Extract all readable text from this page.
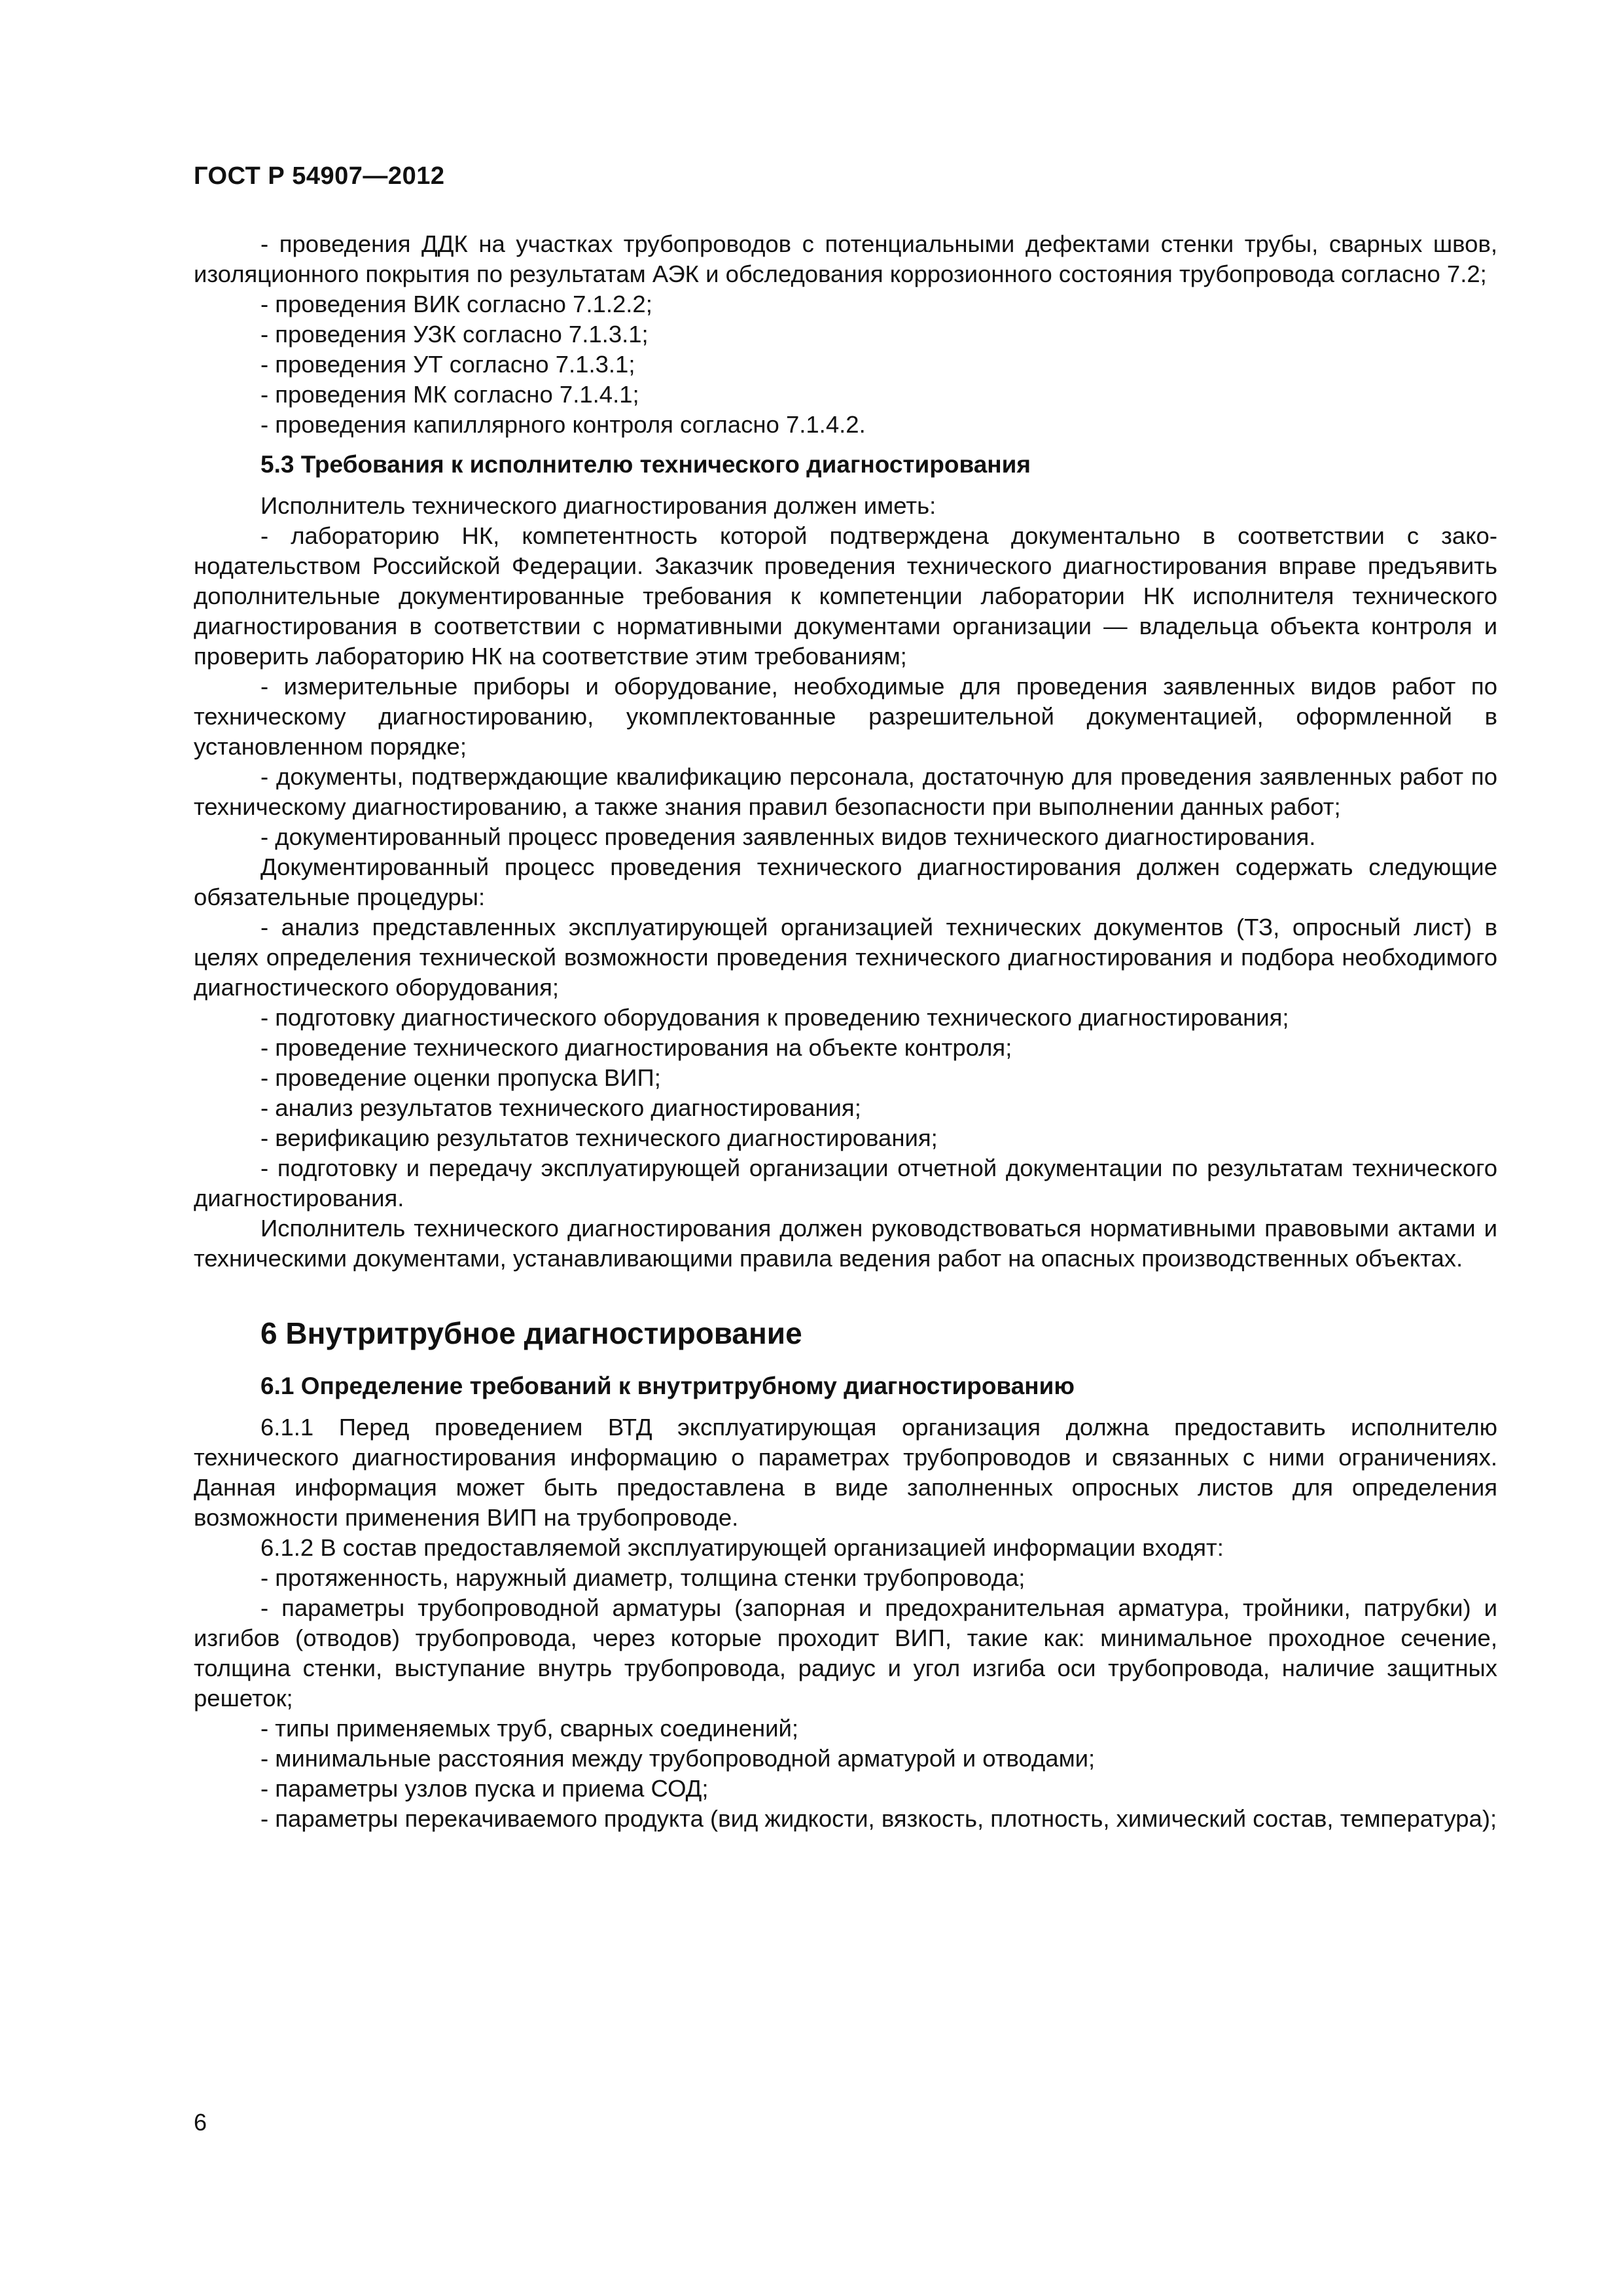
ГОСТ Р 54907—2012

- проведения ДДК на участках трубопроводов с потенциальными дефектами стенки трубы, сварных швов, изоляционного покрытия по результатам АЭК и обследования коррозионного состояния трубопровода согласно 7.2;

- проведения ВИК согласно 7.1.2.2;

- проведения УЗК согласно 7.1.3.1;

- проведения УТ согласно 7.1.3.1;

- проведения МК согласно 7.1.4.1;

- проведения капиллярного контроля согласно 7.1.4.2.

5.3 Требования к исполнителю технического диагностирования

Исполнитель технического диагностирования должен иметь:

- лабораторию НК, компетентность которой подтверждена документально в соответствии с законодательством Российской Федерации. Заказчик проведения технического диагностирования вправе предъявить дополнительные документированные требования к компетенции лаборатории НК исполнителя технического диагностирования в соответствии с нормативными документами организации — владельца объекта контроля и проверить лабораторию НК на соответствие этим требованиям;

- измерительные приборы и оборудование, необходимые для проведения заявленных видов работ по техническому диагностированию, укомплектованные разрешительной документацией, оформленной в установленном порядке;

- документы, подтверждающие квалификацию персонала, достаточную для проведения заявленных работ по техническому диагностированию, а также знания правил безопасности при выполнении данных работ;

- документированный процесс проведения заявленных видов технического диагностирования.

Документированный процесс проведения технического диагностирования должен содержать следующие обязательные процедуры:

- анализ представленных эксплуатирующей организацией технических документов (ТЗ, опросный лист) в целях определения технической возможности проведения технического диагностирования и подбора необходимого диагностического оборудования;

- подготовку диагностического оборудования к проведению технического диагностирования;

- проведение технического диагностирования на объекте контроля;

- проведение оценки пропуска ВИП;

- анализ результатов технического диагностирования;

- верификацию результатов технического диагностирования;

- подготовку и передачу эксплуатирующей организации отчетной документации по результатам технического диагностирования.

Исполнитель технического диагностирования должен руководствоваться нормативными правовыми актами и техническими документами, устанавливающими правила ведения работ на опасных производственных объектах.

6 Внутритрубное диагностирование
6.1 Определение требований к внутритрубному диагностированию

6.1.1 Перед проведением ВТД эксплуатирующая организация должна предоставить исполнителю технического диагностирования информацию о параметрах трубопроводов и связанных с ними ограничениях. Данная информация может быть предоставлена в виде заполненных опросных листов для определения возможности применения ВИП на трубопроводе.

6.1.2 В состав предоставляемой эксплуатирующей организацией информации входят:

- протяженность, наружный диаметр, толщина стенки трубопровода;

- параметры трубопроводной арматуры (запорная и предохранительная арматура, тройники, патрубки) и изгибов (отводов) трубопровода, через которые проходит ВИП, такие как: минимальное проходное сечение, толщина стенки, выступание внутрь трубопровода, радиус и угол изгиба оси трубопровода, наличие защитных решеток;

- типы применяемых труб, сварных соединений;

- минимальные расстояния между трубопроводной арматурой и отводами;

- параметры узлов пуска и приема СОД;

- параметры перекачиваемого продукта (вид жидкости, вязкость, плотность, химический состав, температура);

6
